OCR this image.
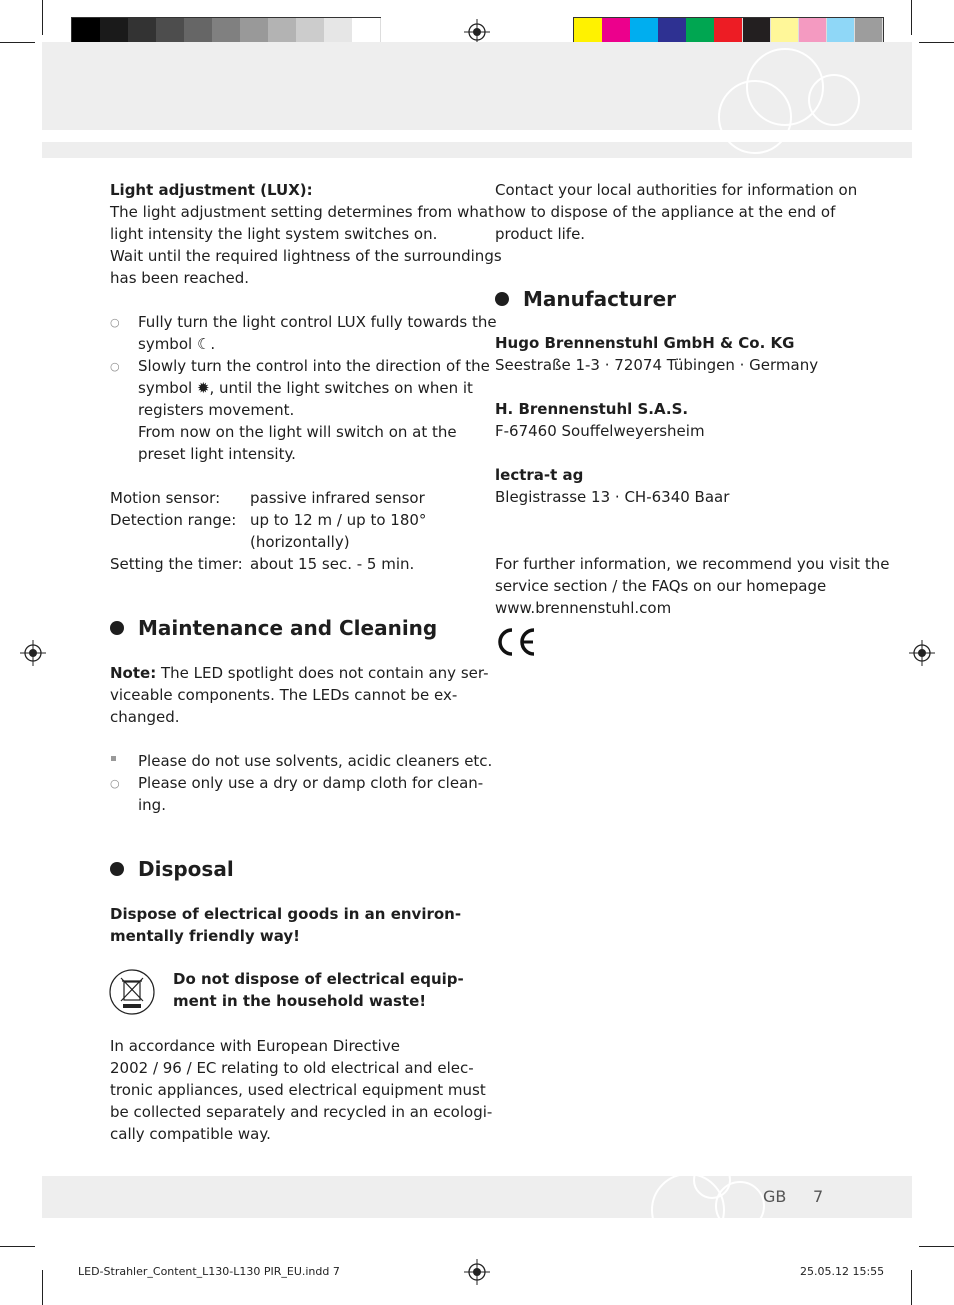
Light adjustment (LUX):
The light adjustment setting determines from what
light intensity the light system switches on.
Wait until the required lightness of the surroundings
has been reached.
○ Fully turn the light control LUX fully towards the
symbol ☾.
○ Slowly turn the control into the direction of the
symbol ✹, until the light switches on when it
registers movement.
From now on the light will switch on at the
preset light intensity.
Motion sensor: passive infrared sensor
Detection range: up to 12 m / up to 180°
(horizontally)
Setting the timer: about 15 sec. - 5 min.
Maintenance and Cleaning
Note: The LED spotlight does not contain any ser-
viceable components. The LEDs cannot be ex-
changed.
Please do not use solvents, acidic cleaners etc.
○ Please only use a dry or damp cloth for clean-
ing.
Disposal
Dispose of electrical goods in an environ-
mentally friendly way!
Do not dispose of electrical equip-
ment in the household waste!
In accordance with European Directive
2002 / 96 / EC relating to old electrical and elec-
tronic appliances, used electrical equipment must
be collected separately and recycled in an ecologi-
cally compatible way.
Contact your local authorities for information on
how to dispose of the appliance at the end of
product life.
Manufacturer
Hugo Brennenstuhl GmbH & Co. KG
Seestraße 1-3 · 72074 Tübingen · Germany
H. Brennenstuhl S.A.S.
F-67460 Souffelweyersheim
lectra-t ag
Blegistrasse 13 · CH-6340 Baar
For further information, we recommend you visit the
service section / the FAQs on our homepage
www.brennenstuhl.com
GB 7
LED-Strahler_Content_L130-L130 PIR_EU.indd 7	25.05.12 15:55
